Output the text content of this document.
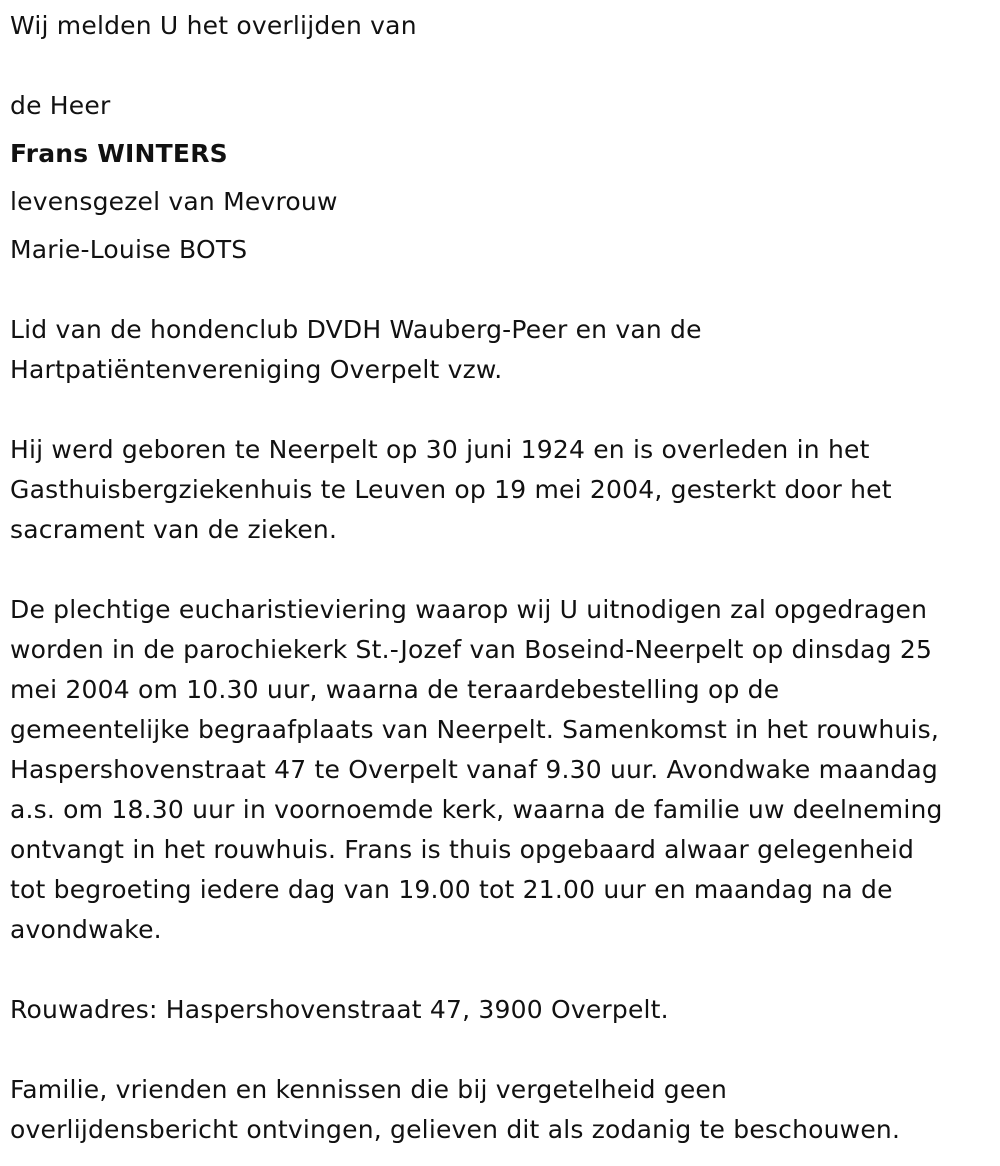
Wij melden U het overlijden van
de Heer
Frans WINTERS
levensgezel van Mevrouw
Marie-Louise BOTS
Lid van de hondenclub DVDH Wauberg-Peer en van de
Hartpatiëntenvereniging Overpelt vzw.
Hij werd geboren te Neerpelt op 30 juni 1924 en is overleden in het
Gasthuisbergziekenhuis te Leuven op 19 mei 2004, gesterkt door het
sacrament van de zieken.
De plechtige eucharistieviering waarop wij U uitnodigen zal opgedragen
worden in de parochiekerk St.-Jozef van Boseind-Neerpelt op dinsdag 25
mei 2004 om 10.30 uur, waarna de teraardebestelling op de
gemeentelijke begraafplaats van Neerpelt. Samenkomst in het rouwhuis,
Haspershovenstraat 47 te Overpelt vanaf 9.30 uur. Avondwake maandag
a.s. om 18.30 uur in voornoemde kerk, waarna de familie uw deelneming
ontvangt in het rouwhuis. Frans is thuis opgebaard alwaar gelegenheid
tot begroeting iedere dag van 19.00 tot 21.00 uur en maandag na de
avondwake.
Rouwadres: Haspershovenstraat 47, 3900 Overpelt.
Familie, vrienden en kennissen die bij vergetelheid geen
overlijdensbericht ontvingen, gelieven dit als zodanig te beschouwen.
